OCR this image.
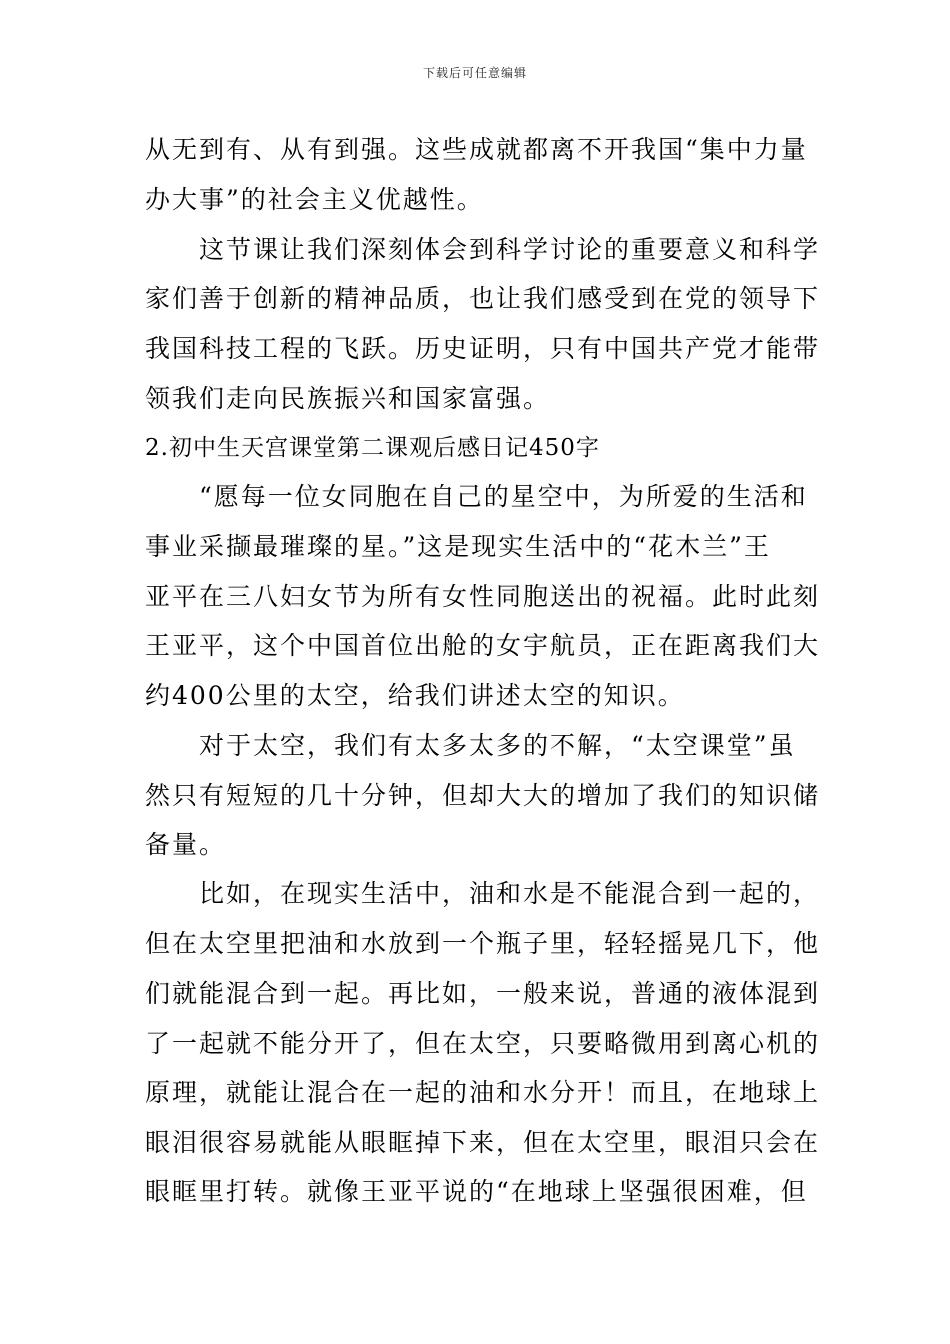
下载后可任意编辑
从无到有、从有到强。这些成就都离不开我国“集中力量
办大事”的社会主义优越性。
　　这节课让我们深刻体会到科学讨论的重要意义和科学
家们善于创新的精神品质，也让我们感受到在党的领导下
我国科技工程的飞跃。历史证明，只有中国共产党才能带
领我们走向民族振兴和国家富强。
2.初中生天宫课堂第二课观后感日记450字
　　“愿每一位女同胞在自己的星空中，为所爱的生活和
事业采撷最璀璨的星。”这是现实生活中的“花木兰”王
亚平在三八妇女节为所有女性同胞送出的祝福。此时此刻
王亚平，这个中国首位出舱的女宇航员，正在距离我们大
约400公里的太空，给我们讲述太空的知识。
　　对于太空，我们有太多太多的不解，“太空课堂”虽
然只有短短的几十分钟，但却大大的增加了我们的知识储
备量。
　　比如，在现实生活中，油和水是不能混合到一起的，
但在太空里把油和水放到一个瓶子里，轻轻摇晃几下，他
们就能混合到一起。再比如，一般来说，普通的液体混到
了一起就不能分开了，但在太空，只要略微用到离心机的
原理，就能让混合在一起的油和水分开！而且，在地球上
眼泪很容易就能从眼眶掉下来，但在太空里，眼泪只会在
眼眶里打转。就像王亚平说的“在地球上坚强很困难，但
